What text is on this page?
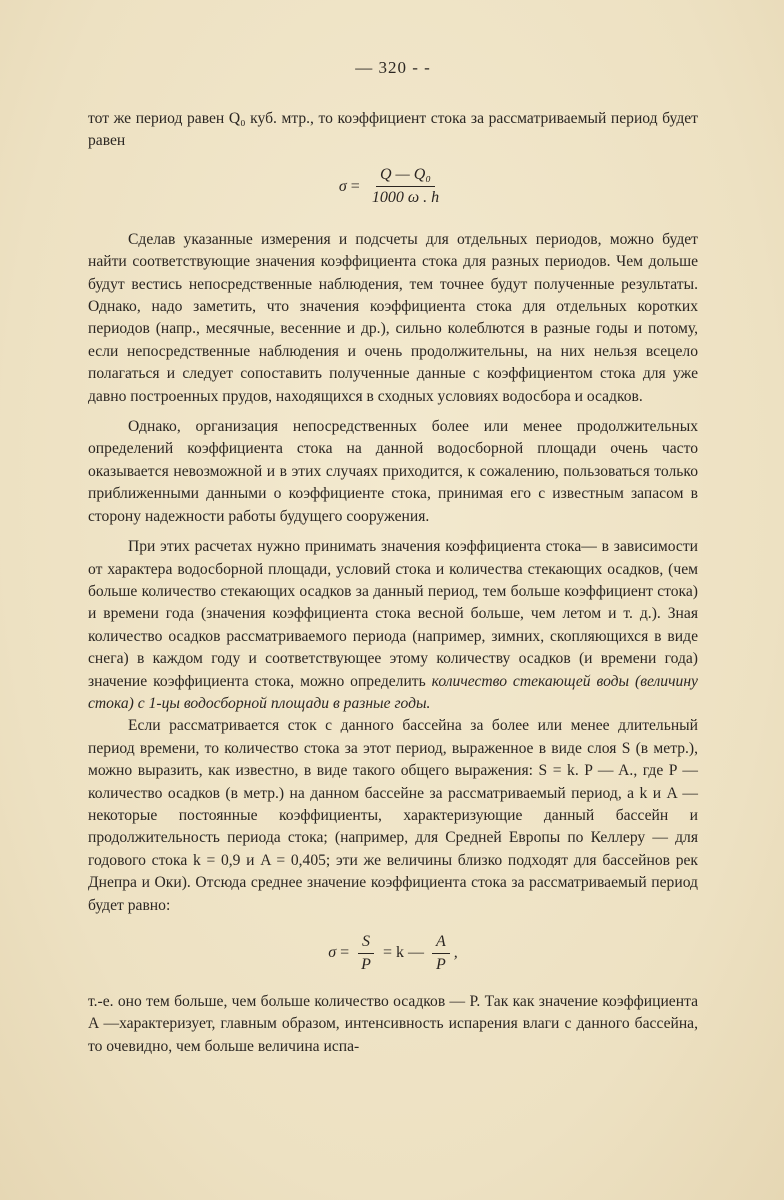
— 320 - -

тот же период равен Q₀ куб. мтр., то коэффициент стока за рассматриваемый период будет равен

$\sigma = \frac{\text{Q — Q₀}}{1000 \omega . h}$

Сделав указанные измерения и подсчеты для отдельных периодов, можно будет найти соответствующие значения коэффициента стока для разных периодов. Чем дольше будут вестись непосредственные наблюдения, тем точнее будут полученные результаты. Однако, надо заметить, что значения коэффициента стока для отдельных коротких периодов (напр., месячные, весенние и др.), сильно колеблются в разные годы и потому, если непосредственные наблюдения и очень продолжительны, на них нельзя всецело полагаться и следует сопоставить полученные данные с коэффициентом стока для уже давно построенных прудов, находящихся в сходных условиях водосбора и осадков.

Однако, организация непосредственных более или менее продолжительных определений коэффициента стока на данной водосборной площади очень часто оказывается невозможной и в этих случаях приходится, к сожалению, пользоваться только приближенными данными о коэффициенте стока, принимая его с известным запасом в сторону надежности работы будущего сооружения.

При этих расчетах нужно принимать значения коэффициента стока— в зависимости от характера водосборной площади, условий стока и количества стекающих осадков, (чем больше количество стекающих осадков за данный период, тем больше коэффициент стока) и времени года (значения коэффициента стока весной больше, чем летом и т. д.). Зная количество осадков рассматриваемого периода (например, зимних, скопляющихся в виде снега) в каждом году и соответствующее этому количеству осадков (и времени года) значение коэффициента стока, можно определить количество стекающей воды (величину стока) с 1-цы водосборной площади в разные годы.

Если рассматривается сток с данного бассейна за более или менее длительный период времени, то количество стока за этот период, выраженное в виде слоя S (в метр.), можно выразить, как известно, в виде такого общего выражения: S = k. P — A., где P — количество осадков (в метр.) на данном бассейне за рассматриваемый период, а k и A — некоторые постоянные коэффициенты, характеризующие данный бассейн и продолжительность периода стока; (например, для Средней Европы по Келлеру — для годового стока k = 0,9 и A = 0,405; эти же величины близко подходят для бассейнов рек Днепра и Оки). Отсюда среднее значение коэффициента стока за рассматриваемый период будет равно:

$\sigma = \frac{S}{P} = k$ — $\frac{A}{P}$ ,

т.-е. оно тем больше, чем больше количество осадков — P. Так как значение коэффициента A —характеризует, главным образом, интенсивность испарения влаги с данного бассейна, то очевидно, чем больше величина испа-
